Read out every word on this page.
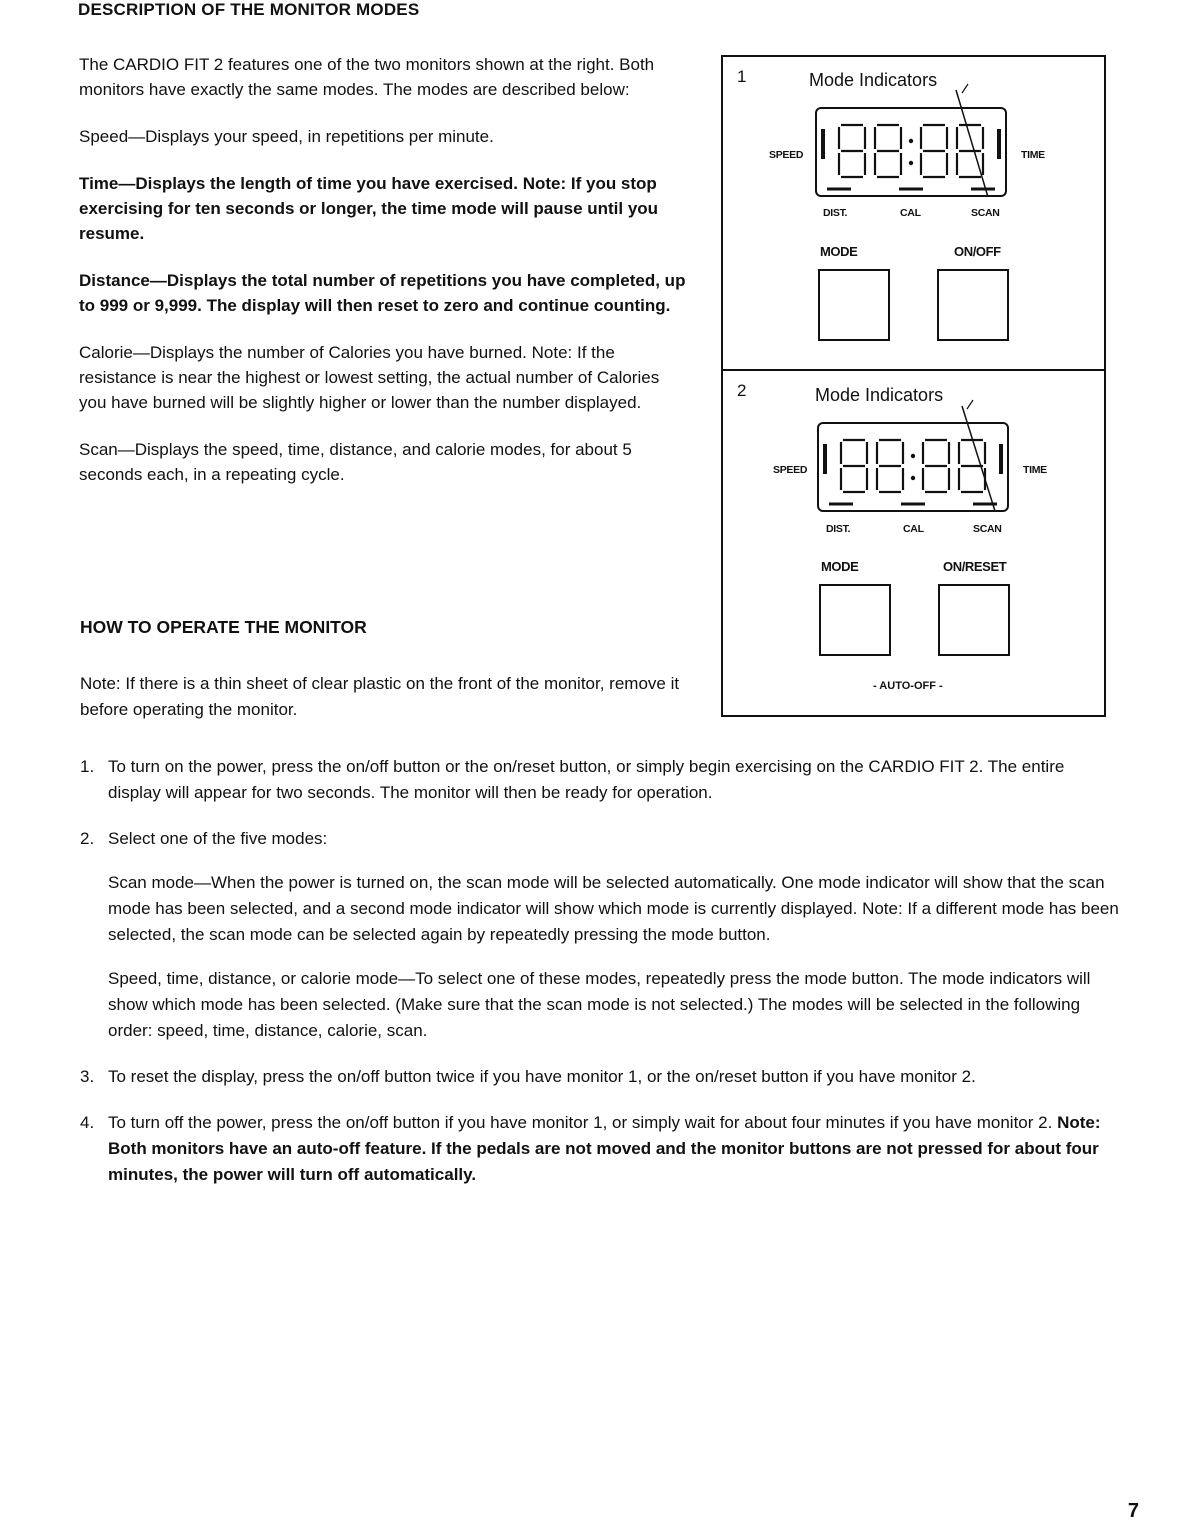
DESCRIPTION OF THE MONITOR MODES

The CARDIO FIT 2 features one of the two monitors shown at the right. Both monitors have exactly the same modes. The modes are described below:

Speed—Displays your speed, in repetitions per minute.

Time—Displays the length of time you have exercised. Note: If you stop exercising for ten seconds or longer, the time mode will pause until you resume.

Distance—Displays the total number of repetitions you have completed, up to 999 or 9,999. The display will then reset to zero and continue counting.

Calorie—Displays the number of Calories you have burned. Note: If the resistance is near the highest or lowest setting, the actual number of Calories you have burned will be slightly higher or lower than the number displayed.

Scan—Displays the speed, time, distance, and calorie modes, for about 5 seconds each, in a repeating cycle.

HOW TO OPERATE THE MONITOR
Note: If there is a thin sheet of clear plastic on the front of the monitor, remove it before operating the monitor.
1. To turn on the power, press the on/off button or the on/reset button, or simply begin exercising on the CARDIO FIT 2. The entire display will appear for two seconds. The monitor will then be ready for operation.

2. Select one of the five modes:

Scan mode—When the power is turned on, the scan mode will be selected automatically. One mode indicator will show that the scan mode has been selected, and a second mode indicator will show which mode is currently displayed. Note: If a different mode has been selected, the scan mode can be selected again by repeatedly pressing the mode button.

Speed, time, distance, or calorie mode—To select one of these modes, repeatedly press the mode button. The mode indicators will show which mode has been selected. (Make sure that the scan mode is not selected.) The modes will be selected in the following order: speed, time, distance, calorie, scan.

3. To reset the display, press the on/off button twice if you have monitor 1, or the on/reset button if you have monitor 2.

4. To turn off the power, press the on/off button if you have monitor 1, or simply wait for about four minutes if you have monitor 2. Note: Both monitors have an auto-off feature. If the pedals are not moved and the monitor buttons are not pressed for about four minutes, the power will turn off automatically.

1	Mode Indicators
SPEED	TIME
DIST.	CAL	SCAN
MODE	ON/OFF
2	Mode Indicators
SPEED	TIME
DIST.	CAL	SCAN
MODE	ON/RESET
- AUTO-OFF -
7
